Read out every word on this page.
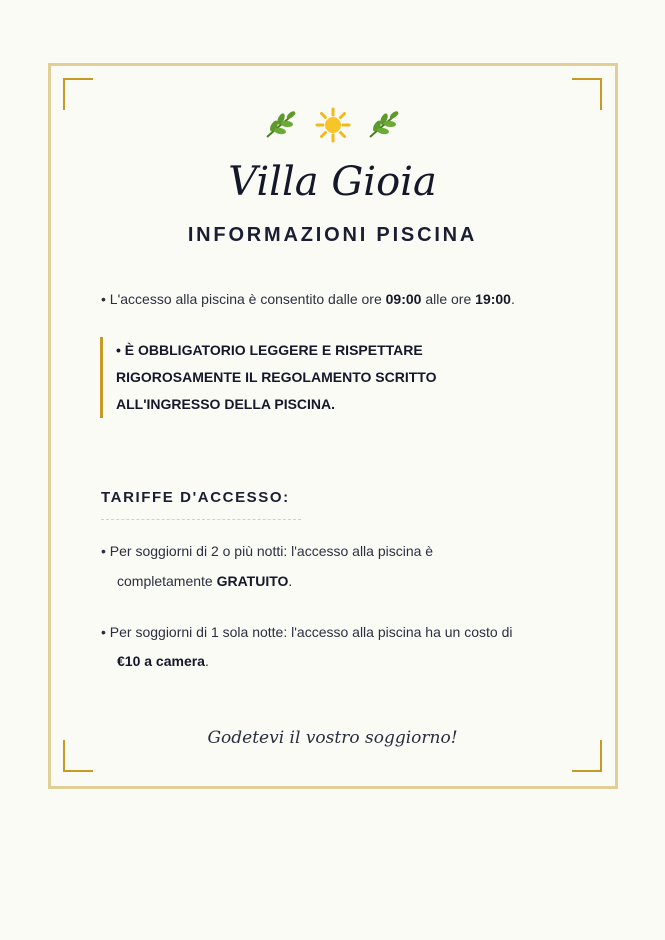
Villa Gioia
INFORMAZIONI PISCINA
• L'accesso alla piscina è consentito dalle ore 09:00 alle ore 19:00.
• È OBBLIGATORIO LEGGERE E RISPETTARE
RIGOROSAMENTE IL REGOLAMENTO SCRITTO
ALL'INGRESSO DELLA PISCINA.
TARIFFE D'ACCESSO:
• Per soggiorni di 2 o più notti: l'accesso alla piscina è
completamente GRATUITO.
• Per soggiorni di 1 sola notte: l'accesso alla piscina ha un costo di
€10 a camera.
Godetevi il vostro soggiorno!
